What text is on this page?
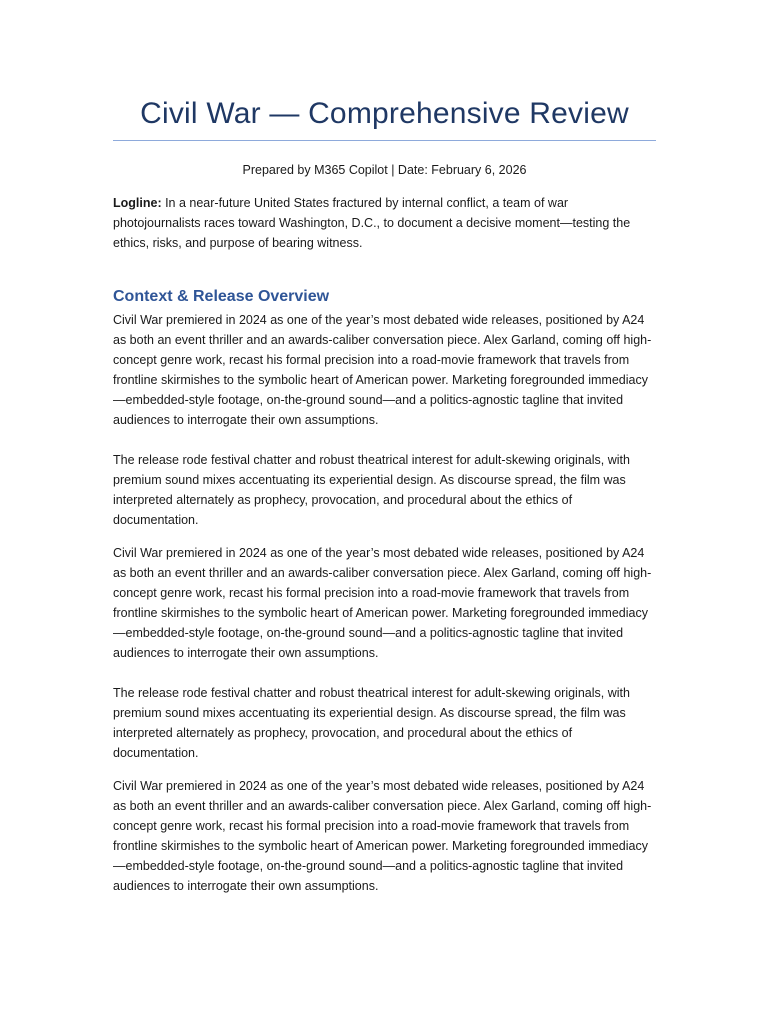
Civil War — Comprehensive Review

Prepared by M365 Copilot | Date: February 6, 2026

Logline: In a near-future United States fractured by internal conflict, a team of war photojournalists races toward Washington, D.C., to document a decisive moment—testing the ethics, risks, and purpose of bearing witness.

Context & Release Overview

Civil War premiered in 2024 as one of the year’s most debated wide releases, positioned by A24 as both an event thriller and an awards-caliber conversation piece. Alex Garland, coming off high-concept genre work, recast his formal precision into a road-movie framework that travels from frontline skirmishes to the symbolic heart of American power. Marketing foregrounded immediacy—embedded-style footage, on-the-ground sound—and a politics-agnostic tagline that invited audiences to interrogate their own assumptions.

The release rode festival chatter and robust theatrical interest for adult-skewing originals, with premium sound mixes accentuating its experiential design. As discourse spread, the film was interpreted alternately as prophecy, provocation, and procedural about the ethics of documentation.

Civil War premiered in 2024 as one of the year’s most debated wide releases, positioned by A24 as both an event thriller and an awards-caliber conversation piece. Alex Garland, coming off high-concept genre work, recast his formal precision into a road-movie framework that travels from frontline skirmishes to the symbolic heart of American power. Marketing foregrounded immediacy—embedded-style footage, on-the-ground sound—and a politics-agnostic tagline that invited audiences to interrogate their own assumptions.

The release rode festival chatter and robust theatrical interest for adult-skewing originals, with premium sound mixes accentuating its experiential design. As discourse spread, the film was interpreted alternately as prophecy, provocation, and procedural about the ethics of documentation.

Civil War premiered in 2024 as one of the year’s most debated wide releases, positioned by A24 as both an event thriller and an awards-caliber conversation piece. Alex Garland, coming off high-concept genre work, recast his formal precision into a road-movie framework that travels from frontline skirmishes to the symbolic heart of American power. Marketing foregrounded immediacy—embedded-style footage, on-the-ground sound—and a politics-agnostic tagline that invited audiences to interrogate their own assumptions.
